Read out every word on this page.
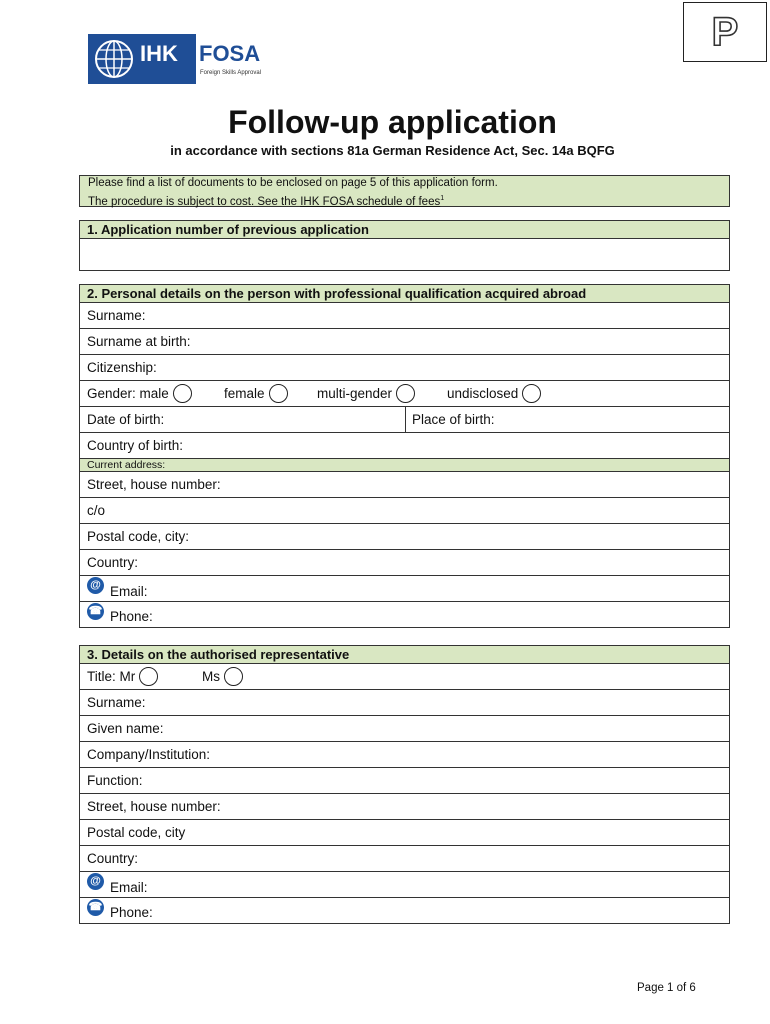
IHK FOSA
Foreign Skills Approval
P
Follow-up application
in accordance with sections 81a German Residence Act, Sec. 14a BQFG
Please find a list of documents to be enclosed on page 5 of this application form.
The procedure is subject to cost. See the IHK FOSA schedule of fees$^1$
1. Application number of previous application
2. Personal details on the person with professional qualification acquired abroad
Surname:
Surname at birth:
Citizenship:
Gender: male	female	multi-gender	undisclosed
Date of birth:	Place of birth:
Country of birth:
Current address:
Street, house number:
c/o
Postal code, city:
Country:
@ Email:
☎ Phone:
3. Details on the authorised representative
Title: Mr	Ms
Surname:
Given name:
Company/Institution:
Function:
Street, house number:
Postal code, city
Country:
@ Email:
☎ Phone:
Page 1 of 6
